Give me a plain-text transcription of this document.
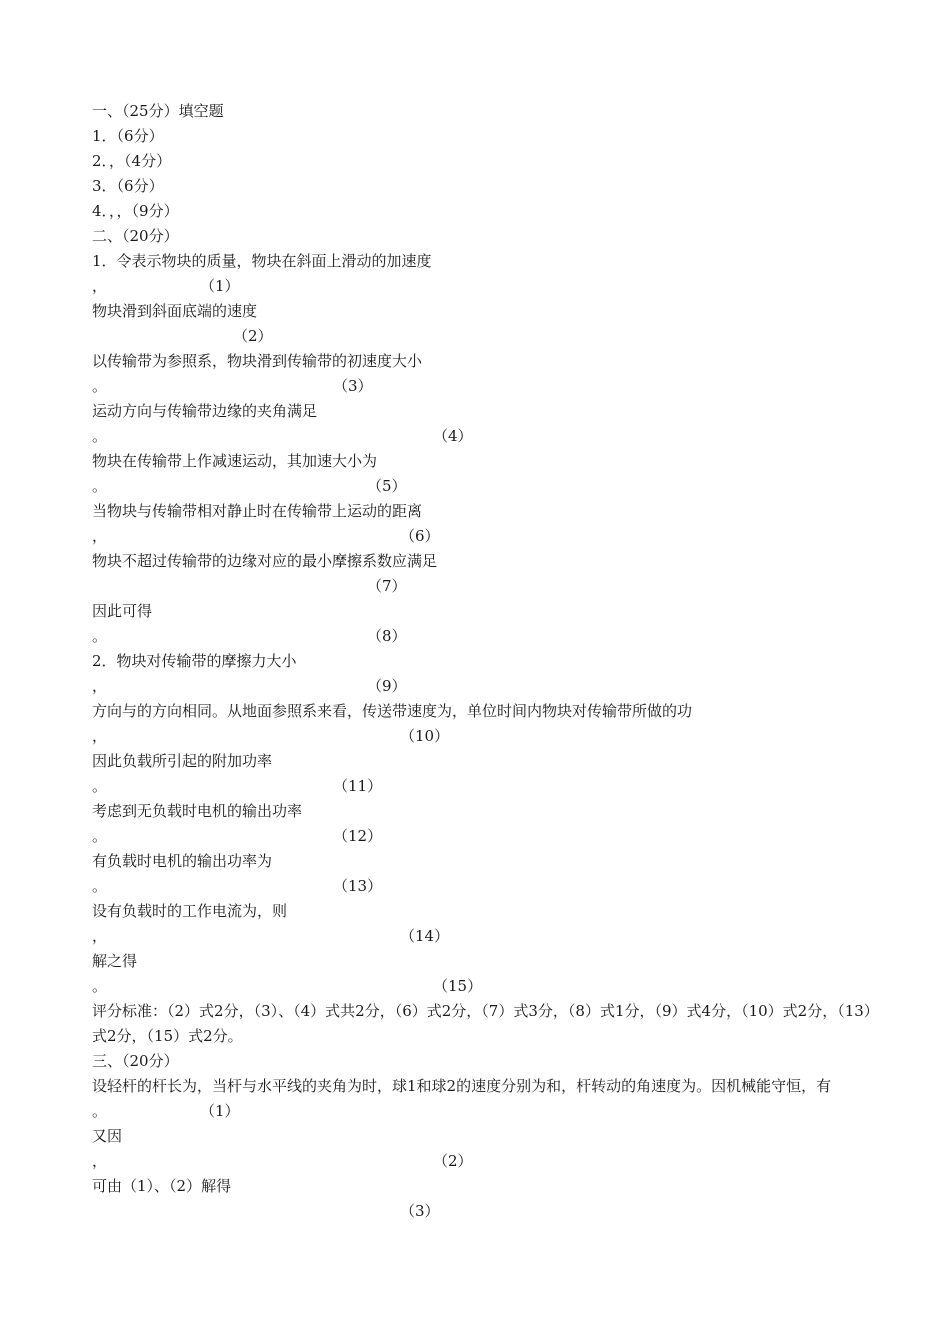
一、（25分）填空题
1．（6分）
2．，（4分）
3．（6分）
4．，，（9分）
二、（20分）
1．令表示物块的质量，物块在斜面上滑动的加速度
，	（1）
物块滑到斜面底端的速度
（2）
以传输带为参照系，物块滑到传输带的初速度大小
。	（3）
运动方向与传输带边缘的夹角满足
。	（4）
物块在传输带上作减速运动，其加速大小为
。	（5）
当物块与传输带相对静止时在传输带上运动的距离
，	（6）
物块不超过传输带的边缘对应的最小摩擦系数应满足
（7）
因此可得
。	（8）
2．物块对传输带的摩擦力大小
，	（9）
方向与的方向相同。从地面参照系来看，传送带速度为，单位时间内物块对传输带所做的功
，	（10）
因此负载所引起的附加功率
。	（11）
考虑到无负载时电机的输出功率
。	（12）
有负载时电机的输出功率为
。	（13）
设有负载时的工作电流为，则
，	（14）
解之得
。	（15）
评分标准：（2）式2分，（3）、（4）式共2分，（6）式2分，（7）式3分，（8）式1分，（9）式4分，（10）式2分，（13）式2分，（15）式2分。
三、（20分）
设轻杆的杆长为，当杆与水平线的夹角为时，球1和球2的速度分别为和，杆转动的角速度为。因机械能守恒，有
。	（1）
又因
，	（2）
可由（1）、（2）解得
（3）
